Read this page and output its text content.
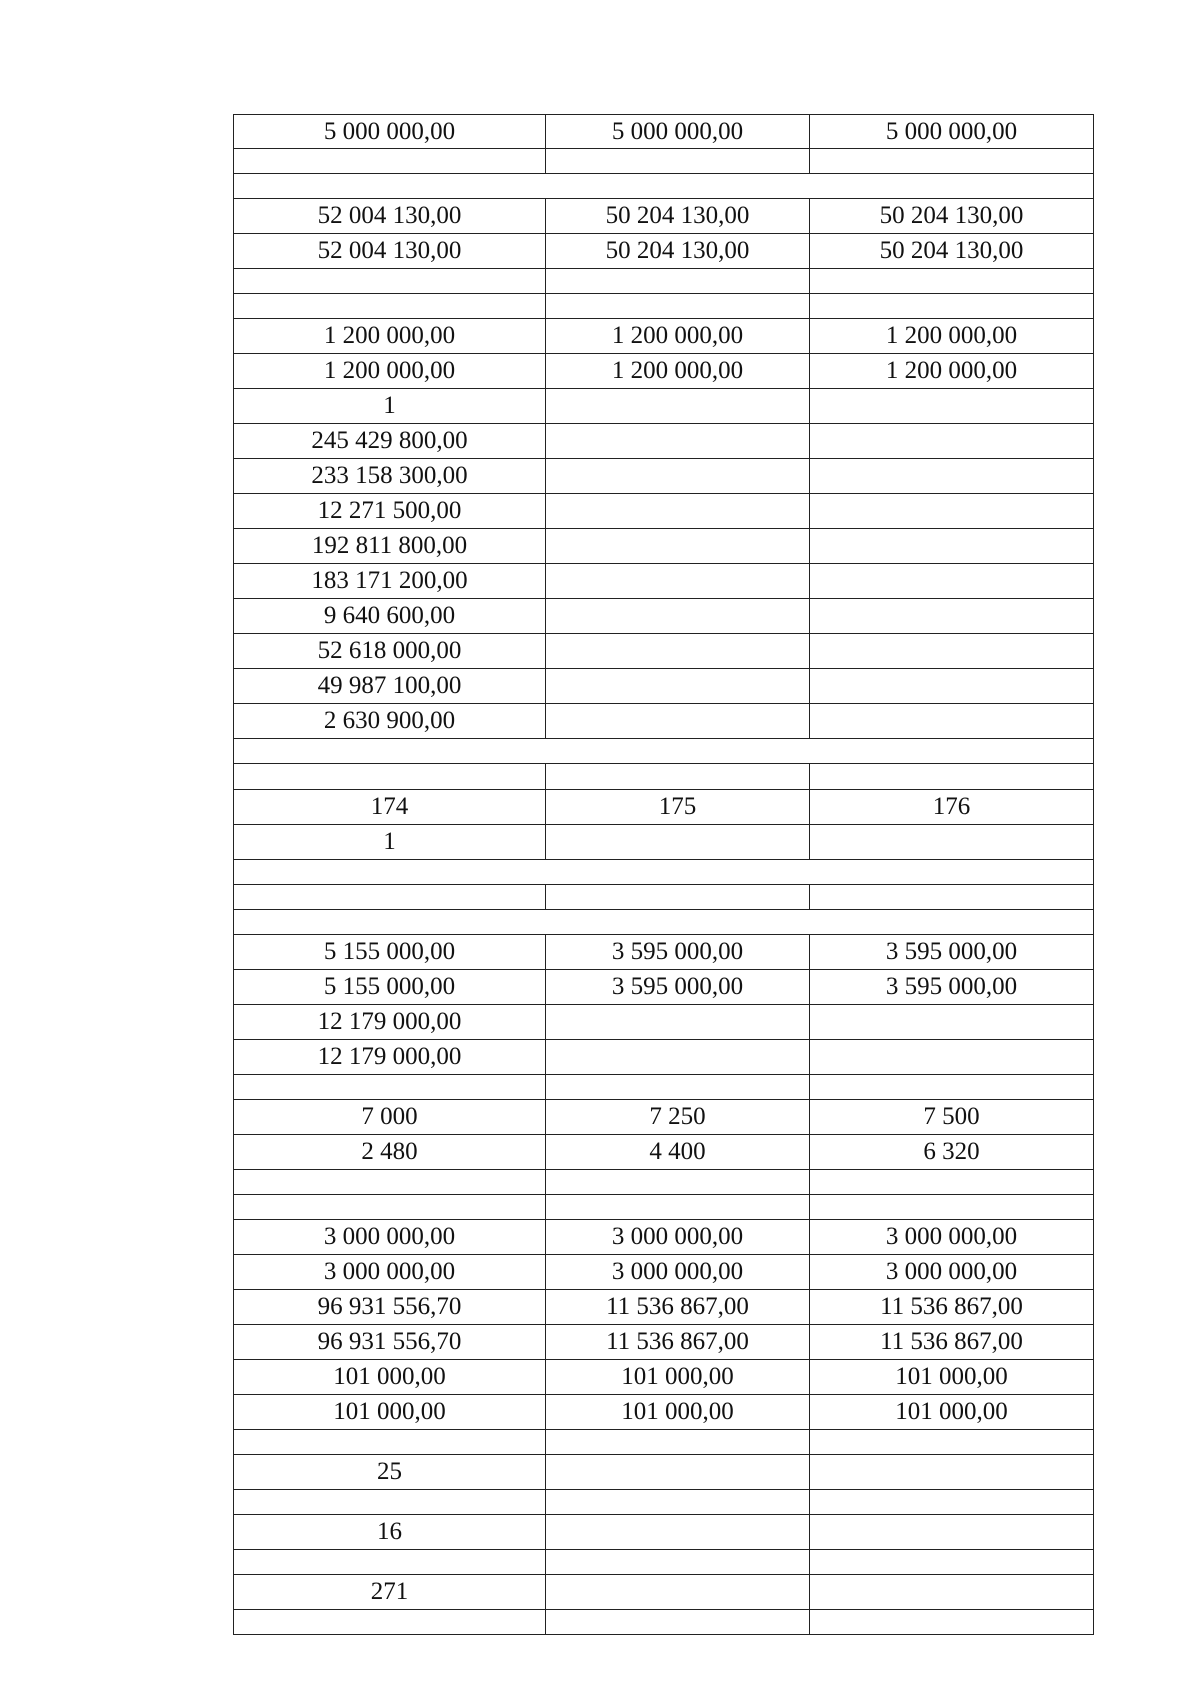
5 000 000,00	5 000 000,00	5 000 000,00

52 004 130,00	50 204 130,00	50 204 130,00
52 004 130,00	50 204 130,00	50 204 130,00

1 200 000,00	1 200 000,00	1 200 000,00
1 200 000,00	1 200 000,00	1 200 000,00
1		
245 429 800,00		
233 158 300,00		
12 271 500,00		
192 811 800,00		
183 171 200,00		
9 640 600,00		
52 618 000,00		
49 987 100,00		
2 630 900,00		

174	175	176
1		

5 155 000,00	3 595 000,00	3 595 000,00
5 155 000,00	3 595 000,00	3 595 000,00
12 179 000,00		
12 179 000,00		

7 000	7 250	7 500
2 480	4 400	6 320

3 000 000,00	3 000 000,00	3 000 000,00
3 000 000,00	3 000 000,00	3 000 000,00
96 931 556,70	11 536 867,00	11 536 867,00
96 931 556,70	11 536 867,00	11 536 867,00
101 000,00	101 000,00	101 000,00
101 000,00	101 000,00	101 000,00

25		

16		

271		
